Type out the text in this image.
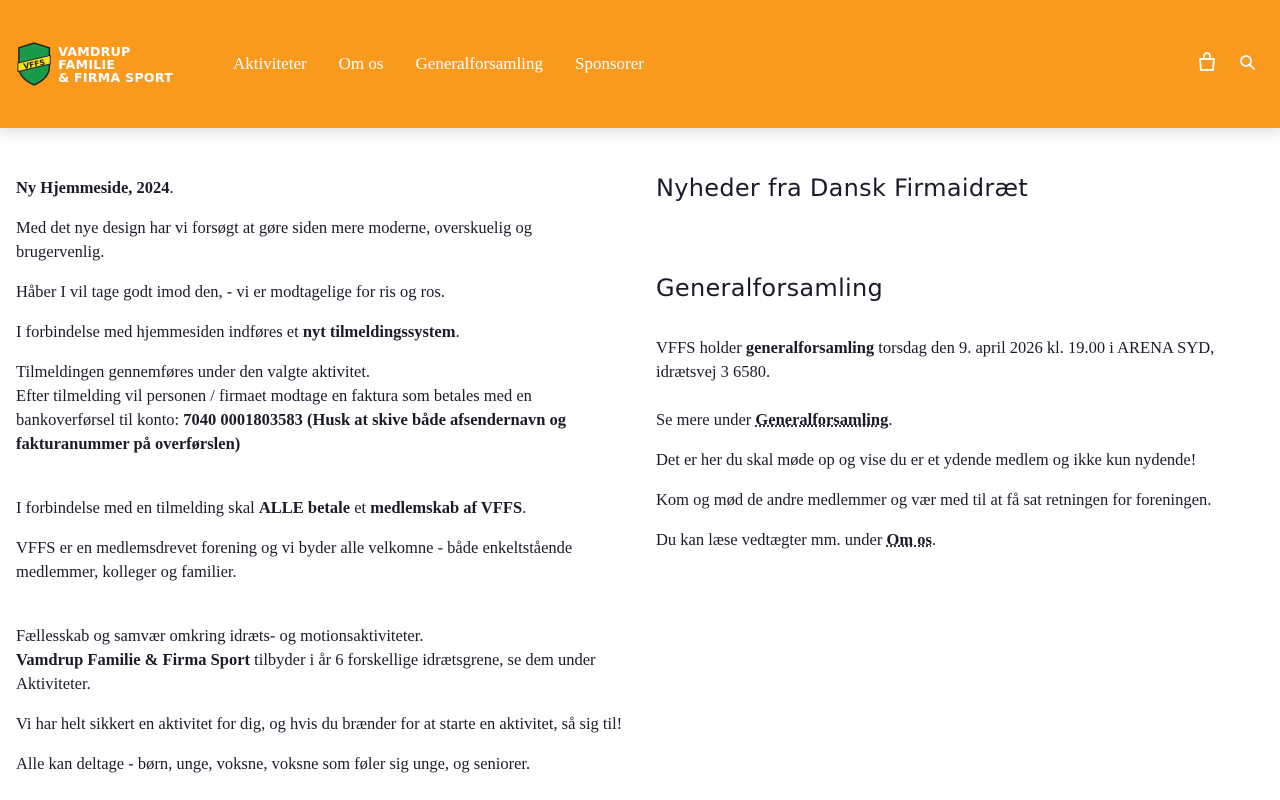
VFFS
VAMDRUP FAMILIE
& FIRMA SPORT
Aktiviteter Om os Generalforsamling Sponsorer

Ny Hjemmeside, 2024.

Med det nye design har vi forsøgt at gøre siden mere moderne, overskuelig og brugervenlig.

Håber I vil tage godt imod den, - vi er modtagelige for ris og ros.

I forbindelse med hjemmesiden indføres et nyt tilmeldingssystem.

Tilmeldingen gennemføres under den valgte aktivitet.
Efter tilmelding vil personen / firmaet modtage en faktura som betales med en bankoverførsel til konto: 7040 0001803583 (Husk at skive både afsendernavn og fakturanummer på overførslen)

I forbindelse med en tilmelding skal ALLE betale et medlemskab af VFFS.

VFFS er en medlemsdrevet forening og vi byder alle velkomne - både enkeltstående medlemmer, kolleger og familier.

Fællesskab og samvær omkring idræts- og motionsaktiviteter.
Vamdrup Familie & Firma Sport tilbyder i år 6 forskellige idrætsgrene, se dem under Aktiviteter.

Vi har helt sikkert en aktivitet for dig, og hvis du brænder for at starte en aktivitet, så sig til!

Alle kan deltage - børn, unge, voksne, voksne som føler sig unge, og seniorer.

Nyheder fra Dansk Firmaidræt
Generalforsamling

VFFS holder generalforsamling torsdag den 9. april 2026 kl. 19.00 i ARENA SYD, idrætsvej 3 6580.

Se mere under Generalforsamling.

Det er her du skal møde op og vise du er et ydende medlem og ikke kun nydende!

Kom og mød de andre medlemmer og vær med til at få sat retningen for foreningen.

Du kan læse vedtægter mm. under Om os.
